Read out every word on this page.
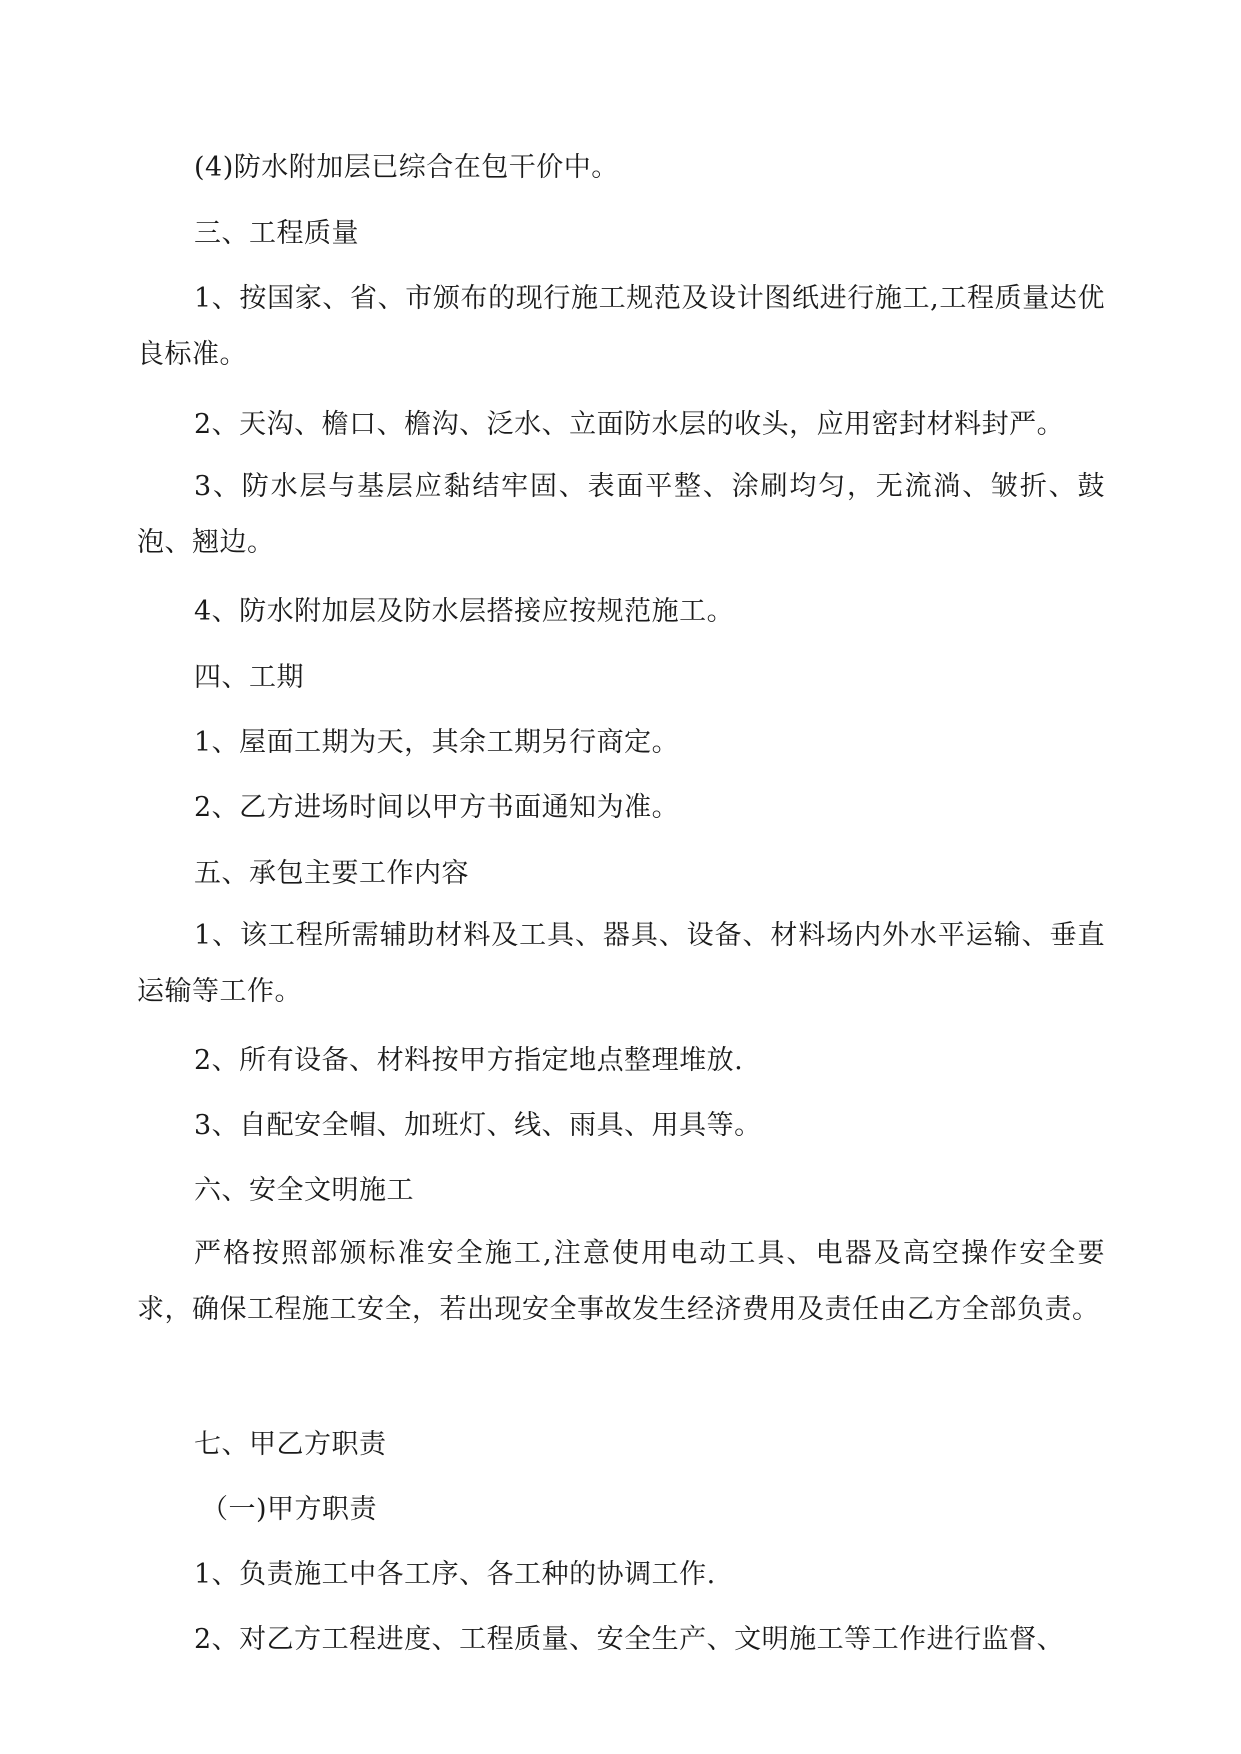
(4)防水附加层已综合在包干价中。
三、工程质量
1、按国家、省、市颁布的现行施工规范及设计图纸进行施工,工程质量达优良标准。
2、天沟、檐口、檐沟、泛水、立面防水层的收头，应用密封材料封严。
3、防水层与基层应黏结牢固、表面平整、涂刷均匀，无流淌、皱折、鼓泡、翘边。
4、防水附加层及防水层搭接应按规范施工。
四、工期
1、屋面工期为天，其余工期另行商定。
2、乙方进场时间以甲方书面通知为准。
五、承包主要工作内容
1、该工程所需辅助材料及工具、器具、设备、材料场内外水平运输、垂直运输等工作。
2、所有设备、材料按甲方指定地点整理堆放.
3、自配安全帽、加班灯、线、雨具、用具等。
六、安全文明施工
严格按照部颁标准安全施工,注意使用电动工具、电器及高空操作安全要求，确保工程施工安全，若出现安全事故发生经济费用及责任由乙方全部负责。
七、甲乙方职责
（一)甲方职责
1、负责施工中各工序、各工种的协调工作.
2、对乙方工程进度、工程质量、安全生产、文明施工等工作进行监督、
